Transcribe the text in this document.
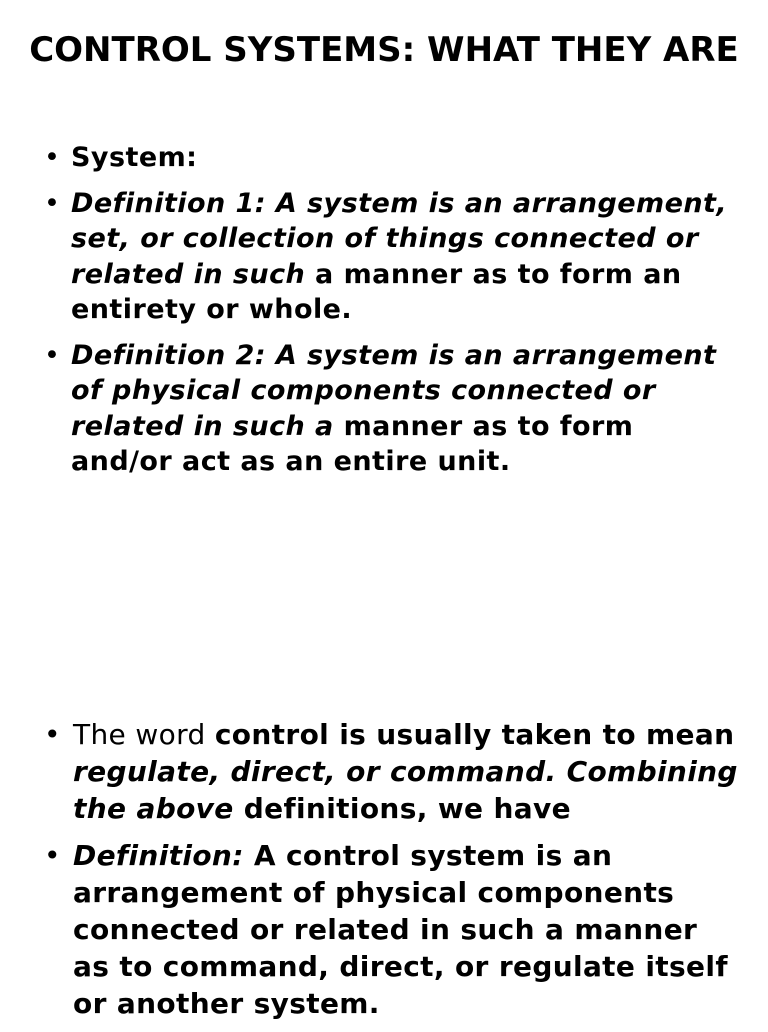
CONTROL SYSTEMS: WHAT THEY ARE
• System:
• Definition 1: A system is an arrangement, set, or collection of things connected or related in such a manner as to form an entirety or whole.
• Definition 2: A system is an arrangement of physical components connected or related in such a manner as to form and/or act as an entire unit.
• The word control is usually taken to mean regulate, direct, or command. Combining the above definitions, we have
• Definition: A control system is an arrangement of physical components connected or related in such a manner as to command, direct, or regulate itself or another system.
